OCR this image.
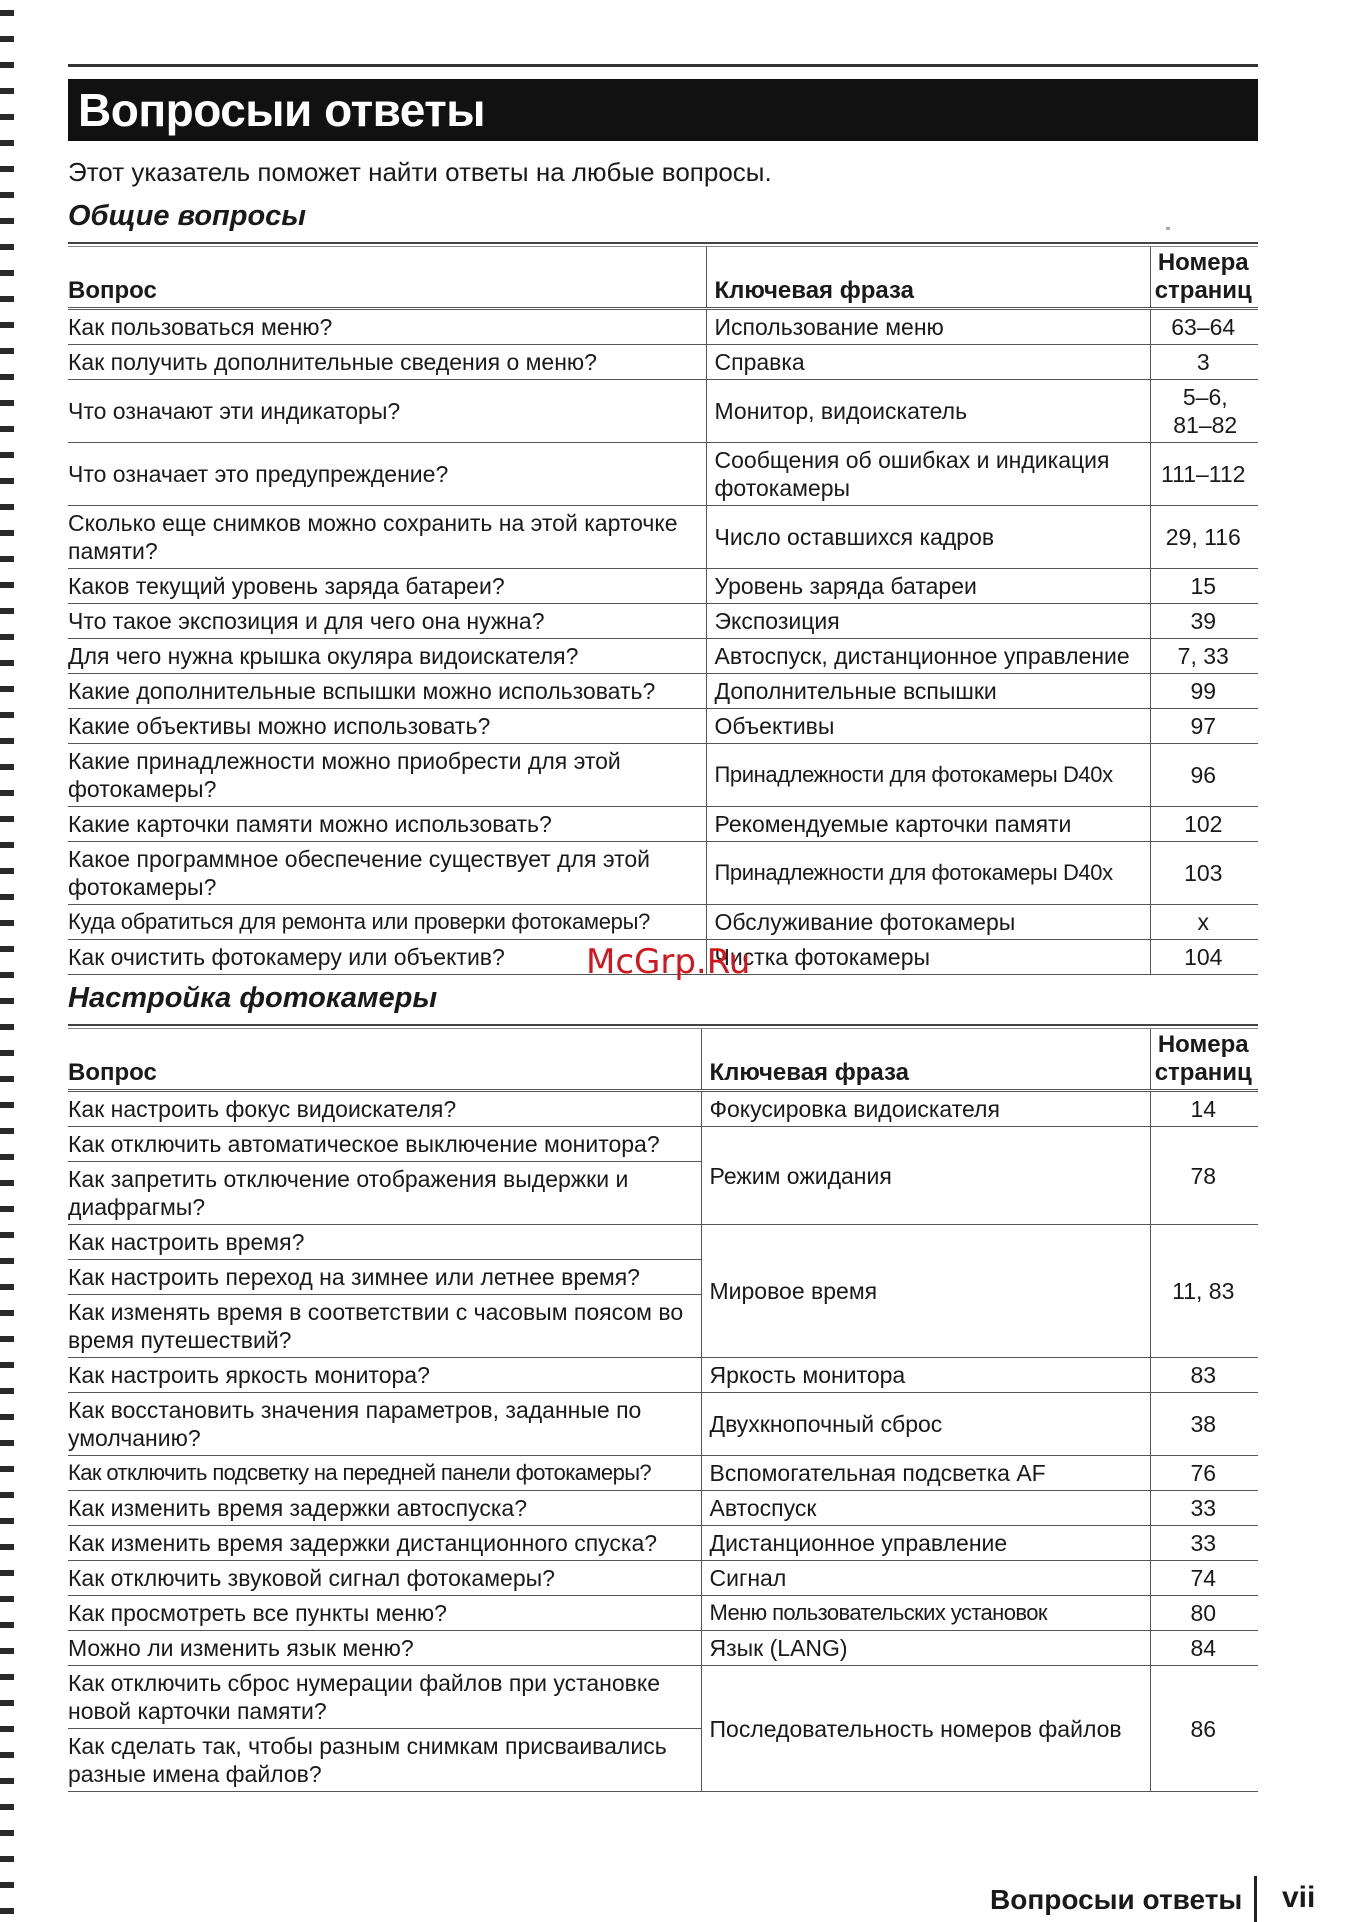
Вопросыи ответы
Этот указатель поможет найти ответы на любые вопросы.
Общие вопросы
Вопрос	Ключевая фраза	Номера
страниц
Как пользоваться меню?	Использование меню	63–64
Как получить дополнительные сведения о меню?	Справка	3
Что означают эти индикаторы?	Монитор, видоискатель	5–6, 81–82
Что означает это предупреждение?	Сообщения об ошибках и индикация фотокамеры	111–112
Сколько еще снимков можно сохранить на этой карточке памяти?	Число оставшихся кадров	29, 116
Каков текущий уровень заряда батареи?	Уровень заряда батареи	15
Что такое экспозиция и для чего она нужна?	Экспозиция	39
Для чего нужна крышка окуляра видоискателя?	Автоспуск, дистанционное управление	7, 33
Какие дополнительные вспышки можно использовать?	Дополнительные вспышки	99
Какие объективы можно использовать?	Объективы	97
Какие принадлежности можно приобрести для этой фотокамеры?	Принадлежности для фотокамеры D40x	96
Какие карточки памяти можно использовать?	Рекомендуемые карточки памяти	102
Какое программное обеспечение существует для этой фотокамеры?	Принадлежности для фотокамеры D40x	103
Куда обратиться для ремонта или проверки фотокамеры?	Обслуживание фотокамеры	x
Как очистить фотокамеру или объектив?	Чистка фотокамеры	104
McGrp.Ru
Настройка фотокамеры
Вопрос	Ключевая фраза	Номера
страниц
Как настроить фокус видоискателя?	Фокусировка видоискателя	14
Как отключить автоматическое выключение монитора?	Режим ожидания	78
Как запретить отключение отображения выдержки и диафрагмы?		
Как настроить время?	Мировое время	11, 83
Как настроить переход на зимнее или летнее время?		
Как изменять время в соответствии с часовым поясом во время путешествий?		
Как настроить яркость монитора?	Яркость монитора	83
Как восстановить значения параметров, заданные по умолчанию?	Двухкнопочный сброс	38
Как отключить подсветку на передней панели фотокамеры?	Вспомогательная подсветка AF	76
Как изменить время задержки автоспуска?	Автоспуск	33
Как изменить время задержки дистанционного спуска?	Дистанционное управление	33
Как отключить звуковой сигнал фотокамеры?	Сигнал	74
Как просмотреть все пункты меню?	Меню пользовательских установок	80
Можно ли изменить язык меню?	Язык (LANG)	84
Как отключить сброс нумерации файлов при установке новой карточки памяти?	Последовательность номеров файлов	86
Как сделать так, чтобы разным снимкам присваивались разные имена файлов?		
Вопросыи ответы vii
